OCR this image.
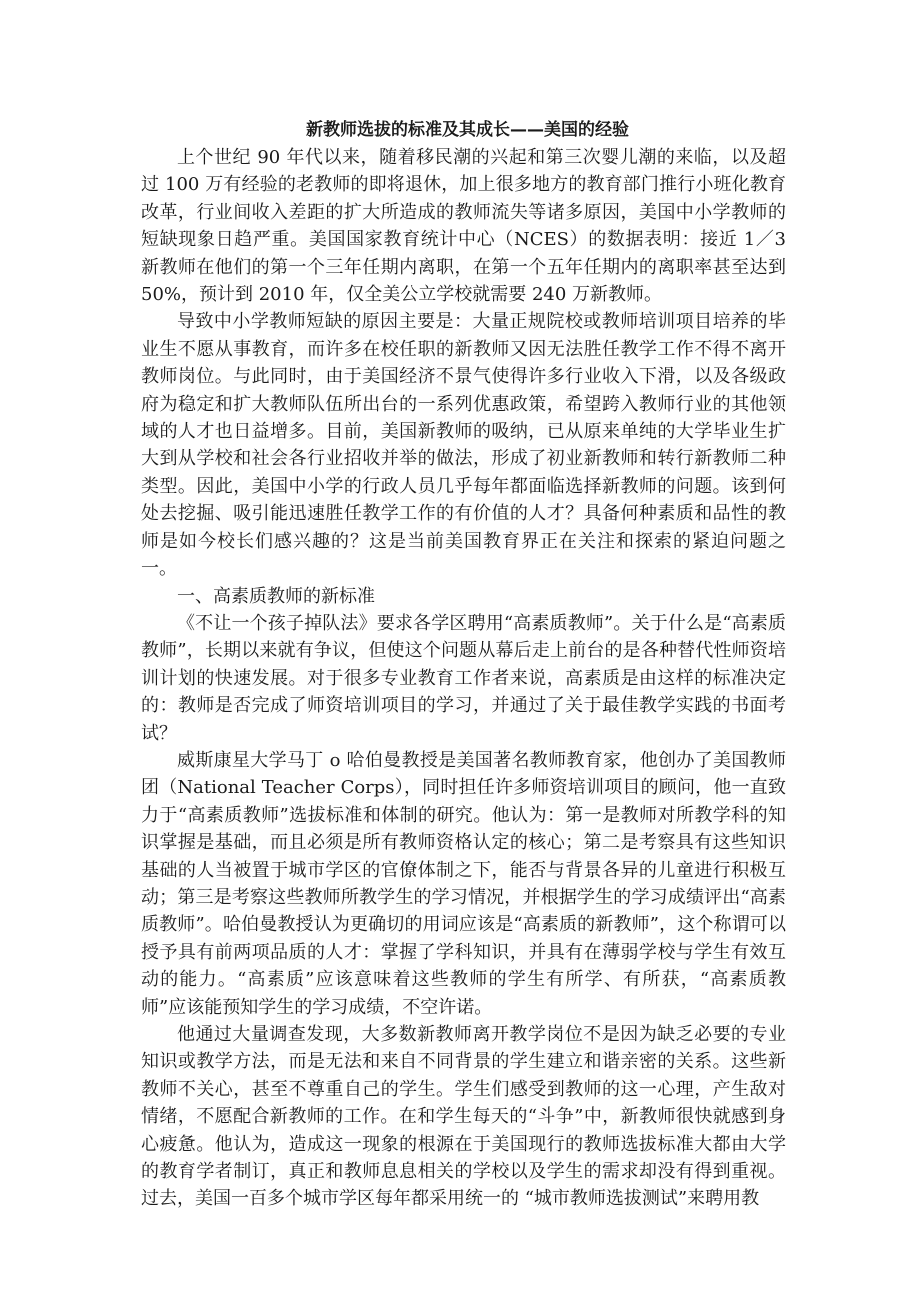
新教师选拔的标准及其成长——美国的经验

上个世纪 90 年代以来，随着移民潮的兴起和第三次婴儿潮的来临，以及超过 100 万有经验的老教师的即将退休，加上很多地方的教育部门推行小班化教育改革，行业间收入差距的扩大所造成的教师流失等诸多原因，美国中小学教师的短缺现象日趋严重。美国国家教育统计中心（NCES）的数据表明：接近 1／3 新教师在他们的第一个三年任期内离职，在第一个五年任期内的离职率甚至达到 50%，预计到 2010 年，仅全美公立学校就需要 240 万新教师。

导致中小学教师短缺的原因主要是：大量正规院校或教师培训项目培养的毕业生不愿从事教育，而许多在校任职的新教师又因无法胜任教学工作不得不离开教师岗位。与此同时，由于美国经济不景气使得许多行业收入下滑，以及各级政府为稳定和扩大教师队伍所出台的一系列优惠政策，希望跨入教师行业的其他领域的人才也日益增多。目前，美国新教师的吸纳，已从原来单纯的大学毕业生扩大到从学校和社会各行业招收并举的做法，形成了初业新教师和转行新教师二种类型。因此，美国中小学的行政人员几乎每年都面临选择新教师的问题。该到何处去挖掘、吸引能迅速胜任教学工作的有价值的人才？具备何种素质和品性的教师是如今校长们感兴趣的？这是当前美国教育界正在关注和探索的紧迫问题之一。

一、高素质教师的新标准

《不让一个孩子掉队法》要求各学区聘用“高素质教师”。关于什么是“高素质教师”，长期以来就有争议，但使这个问题从幕后走上前台的是各种替代性师资培训计划的快速发展。对于很多专业教育工作者来说，高素质是由这样的标准决定的：教师是否完成了师资培训项目的学习，并通过了关于最佳教学实践的书面考试？

威斯康星大学马丁 o 哈伯曼教授是美国著名教师教育家，他创办了美国教师团（National Teacher Corps），同时担任许多师资培训项目的顾问，他一直致力于“高素质教师”选拔标准和体制的研究。他认为：第一是教师对所教学科的知识掌握是基础，而且必须是所有教师资格认定的核心；第二是考察具有这些知识基础的人当被置于城市学区的官僚体制之下，能否与背景各异的儿童进行积极互动；第三是考察这些教师所教学生的学习情况，并根据学生的学习成绩评出“高素质教师”。哈伯曼教授认为更确切的用词应该是“高素质的新教师”，这个称谓可以授予具有前两项品质的人才：掌握了学科知识，并具有在薄弱学校与学生有效互动的能力。“高素质”应该意味着这些教师的学生有所学、有所获，“高素质教师”应该能预知学生的学习成绩，不空许诺。

他通过大量调查发现，大多数新教师离开教学岗位不是因为缺乏必要的专业知识或教学方法，而是无法和来自不同背景的学生建立和谐亲密的关系。这些新教师不关心，甚至不尊重自己的学生。学生们感受到教师的这一心理，产生敌对情绪，不愿配合新教师的工作。在和学生每天的“斗争”中，新教师很快就感到身心疲惫。他认为，造成这一现象的根源在于美国现行的教师选拔标准大都由大学的教育学者制订，真正和教师息息相关的学校以及学生的需求却没有得到重视。过去，美国一百多个城市学区每年都采用统一的 “城市教师选拔测试”来聘用教
